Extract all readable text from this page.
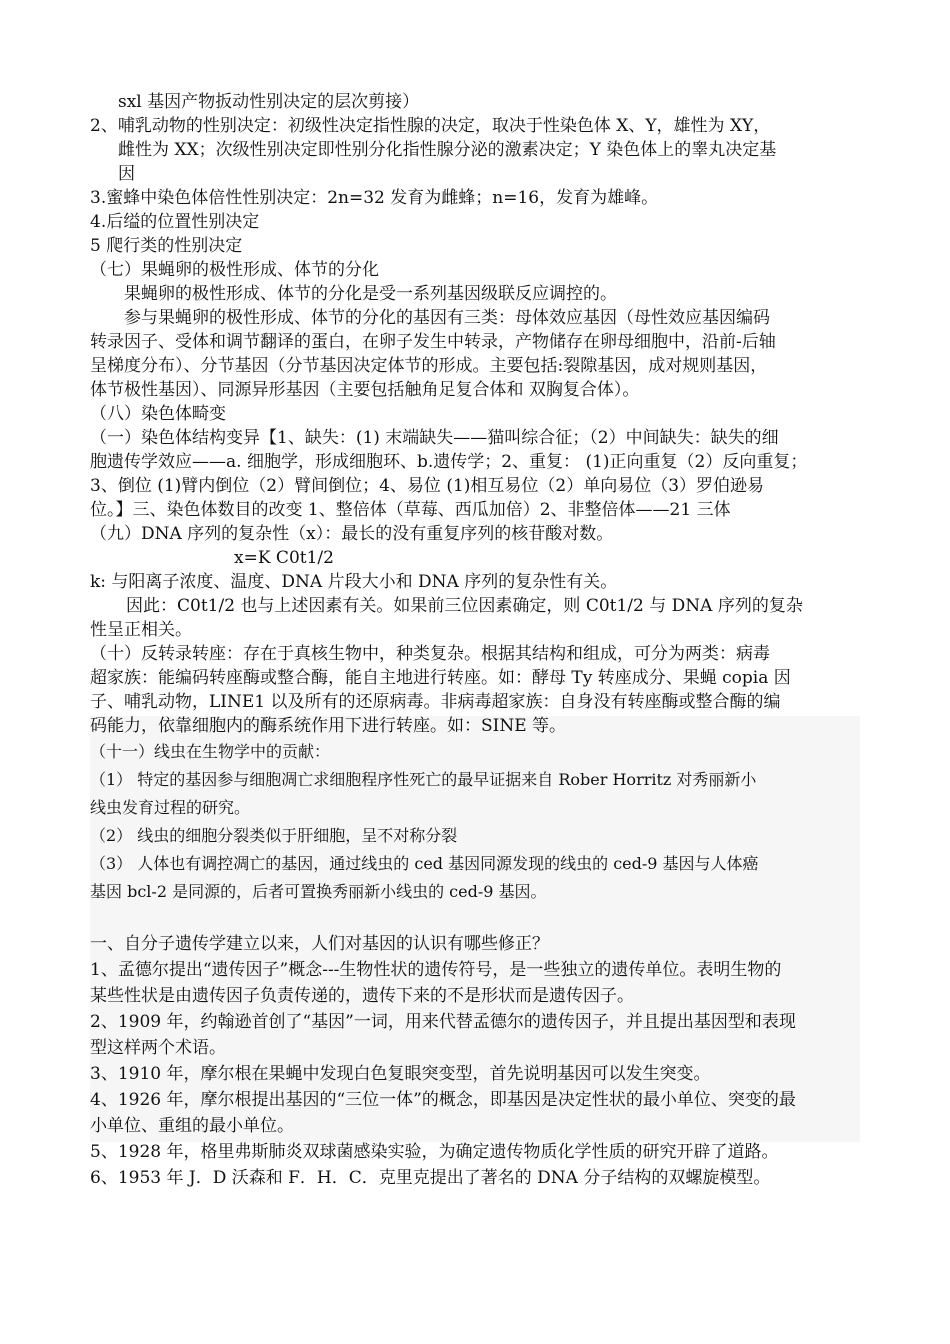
sxl 基因产物扳动性别决定的层次剪接）
2、哺乳动物的性别决定：初级性决定指性腺的决定，取决于性染色体 X、Y，雄性为 XY，
雌性为 XX；次级性别决定即性别分化指性腺分泌的激素决定；Y 染色体上的睾丸决定基
因
3.蜜蜂中染色体倍性性别决定：2n=32 发育为雌蜂；n=16，发育为雄峰。
4.后缢的位置性别决定
5 爬行类的性别决定
（七）果蝇卵的极性形成、体节的分化
果蝇卵的极性形成、体节的分化是受一系列基因级联反应调控的。
参与果蝇卵的极性形成、体节的分化的基因有三类：母体效应基因（母性效应基因编码
转录因子、受体和调节翻译的蛋白，在卵子发生中转录，产物储存在卵母细胞中，沿前-后轴
呈梯度分布）、分节基因（分节基因决定体节的形成。主要包括:裂隙基因，成对规则基因，
体节极性基因）、同源异形基因（主要包括触角足复合体和 双胸复合体）。
（八）染色体畸变
（一）染色体结构变异【1、缺失：(1) 末端缺失——猫叫综合征；（2）中间缺失：缺失的细
胞遗传学效应——a. 细胞学，形成细胞环、b.遗传学；2、重复： (1)正向重复（2）反向重复；
3、倒位 (1)臂内倒位（2）臂间倒位；4、易位 (1)相互易位（2）单向易位（3）罗伯逊易
位。】三、染色体数目的改变 1、整倍体（草莓、西瓜加倍）2、非整倍体——21 三体
（九）DNA 序列的复杂性（x）：最长的没有重复序列的核苷酸对数。
x=K C0t1/2
k: 与阳离子浓度、温度、DNA 片段大小和 DNA 序列的复杂性有关。
因此：C0t1/2 也与上述因素有关。如果前三位因素确定，则 C0t1/2 与 DNA 序列的复杂
性呈正相关。
（十）反转录转座：存在于真核生物中，种类复杂。根据其结构和组成，可分为两类：病毒
超家族：能编码转座酶或整合酶，能自主地进行转座。如：酵母 Ty 转座成分、果蝇 copia 因
子、哺乳动物，LINE1 以及所有的还原病毒。非病毒超家族：自身没有转座酶或整合酶的编
码能力，依靠细胞内的酶系统作用下进行转座。如：SINE 等。
（十一）线虫在生物学中的贡献：
（1） 特定的基因参与细胞凋亡求细胞程序性死亡的最早证据来自 Rober Horritz 对秀丽新小
线虫发育过程的研究。
（2） 线虫的细胞分裂类似于肝细胞，呈不对称分裂
（3） 人体也有调控凋亡的基因，通过线虫的 ced 基因同源发现的线虫的 ced-9 基因与人体癌
基因 bcl-2 是同源的，后者可置换秀丽新小线虫的 ced-9 基因。
一、自分子遗传学建立以来，人们对基因的认识有哪些修正？
1、孟德尔提出“遗传因子”概念---生物性状的遗传符号，是一些独立的遗传单位。表明生物的
某些性状是由遗传因子负责传递的，遗传下来的不是形状而是遗传因子。
2、1909 年，约翰逊首创了“基因”一词，用来代替孟德尔的遗传因子，并且提出基因型和表现
型这样两个术语。
3、1910 年，摩尔根在果蝇中发现白色复眼突变型，首先说明基因可以发生突变。
4、1926 年，摩尔根提出基因的“三位一体”的概念，即基因是决定性状的最小单位、突变的最
小单位、重组的最小单位。
5、1928 年，格里弗斯肺炎双球菌感染实验，为确定遗传物质化学性质的研究开辟了道路。
6、1953 年 J．D 沃森和 F．H．C．克里克提出了著名的 DNA 分子结构的双螺旋模型。
